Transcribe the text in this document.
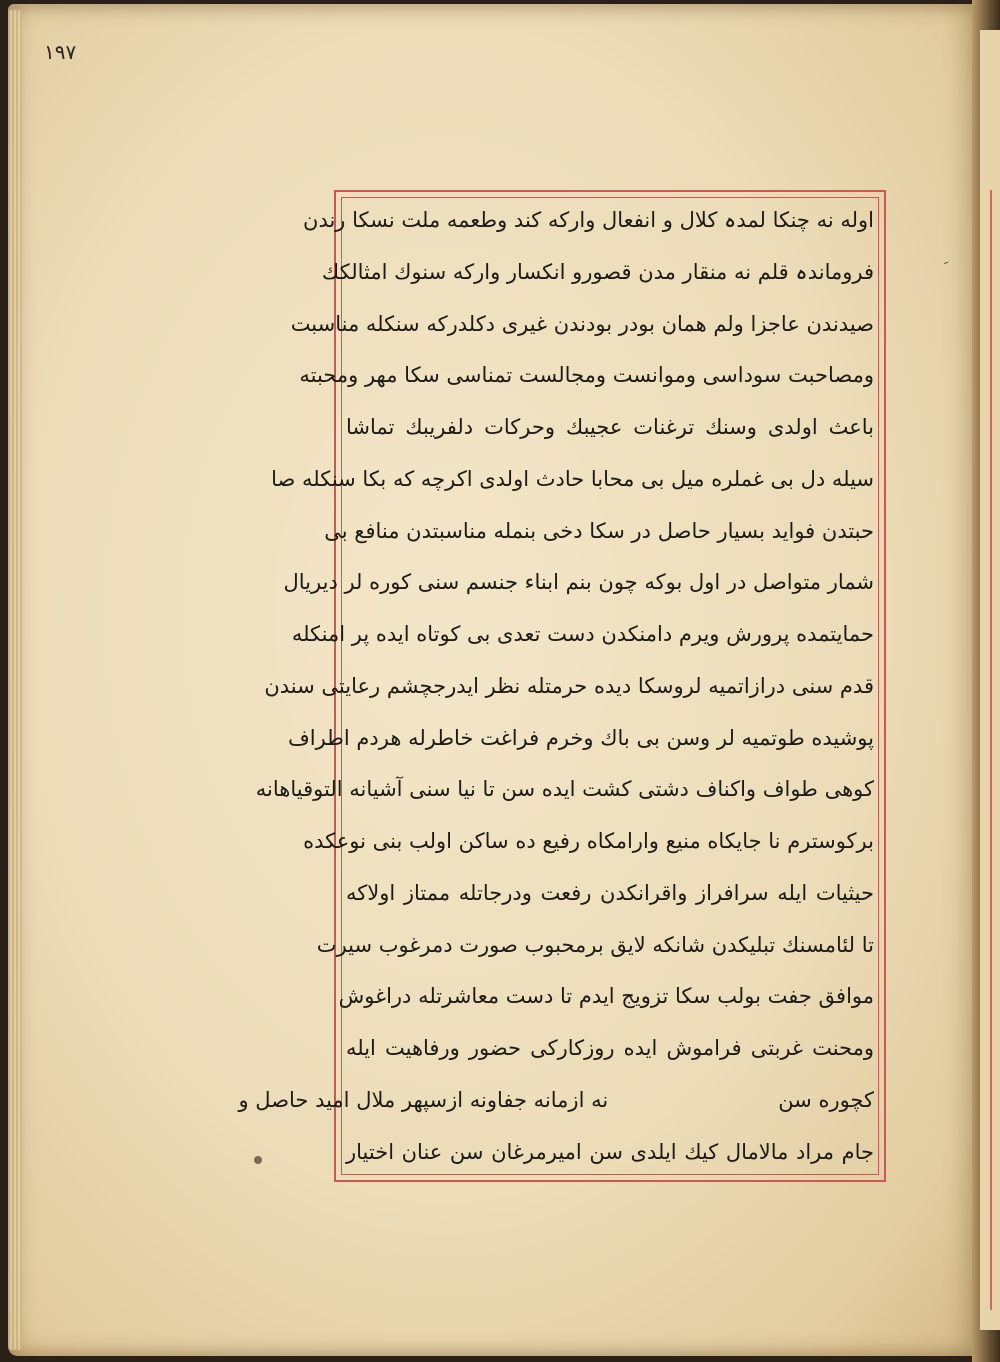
۱۹۷
ﹶ
اوله نه چنکا لمدہ کلال و انفعال وارکه کند وطعمه ملت نسکا رندن
فروماندہ قلم نه منقار مدن قصورو انکسار وارکه سنوك امثالكك
صيدندن عاجزا ولم همان بودر بودندن غيری دکلدرکه سنکله مناسبت
ومصاحبت سوداسی وموانست ومجالست تمناسی سکا مهر ومحبته
باعث اولدی وسنك ترغنات عجيبك وحرکات دلفريبك تماشا
سيله دل بی غملره ميل بی محابا حادث اولدی اکرچه که بکا سنکله صا
حبتدن فوايد بسيار حاصل در سکا دخی بنمله مناسبتدن منافع بی
شمار متواصل در اول بوکه چون بنم ابناء جنسم سنی کوره لر ديريال
حمايتمده پرورش ويرم دامنکدن دست تعدی بی کوتاه ايده پر امنکله
قدم سنی درازاتميه لروسکا ديده حرمتله نظر ايدرجچشم رعايتی سندن
پوشيده طوتميه لر وسن بی باك وخرم فراغت خاطرله هردم اطراف
کوهی طواف واکناف دشتی کشت ايده سن تا نيا سنی آشيانه التوقياهانه
برکوسترم نا جايکاه منيع وارامکاه رفيع ده ساکن اولب بنی نوعکده
حيثيات ايله سرافراز واقرانکدن رفعت ودرجاتله ممتاز اولاکه
تا لئامسنك تبليکدن شانکه لايق برمحبوب صورت دمرغوب سيرت
موافق جفت بولب سکا تزويج ايدم تا دست معاشرتله دراغوش
ومحنت غربتی فراموش ايده روزکارکی حضور ورفاهيت ايله
کچوره سننه ازمانه جفاونه ازسپهر ملال اميد حاصل و
جام مراد مالامال کيك ايلدی سن اميرمرغان سن عنان اختيار
